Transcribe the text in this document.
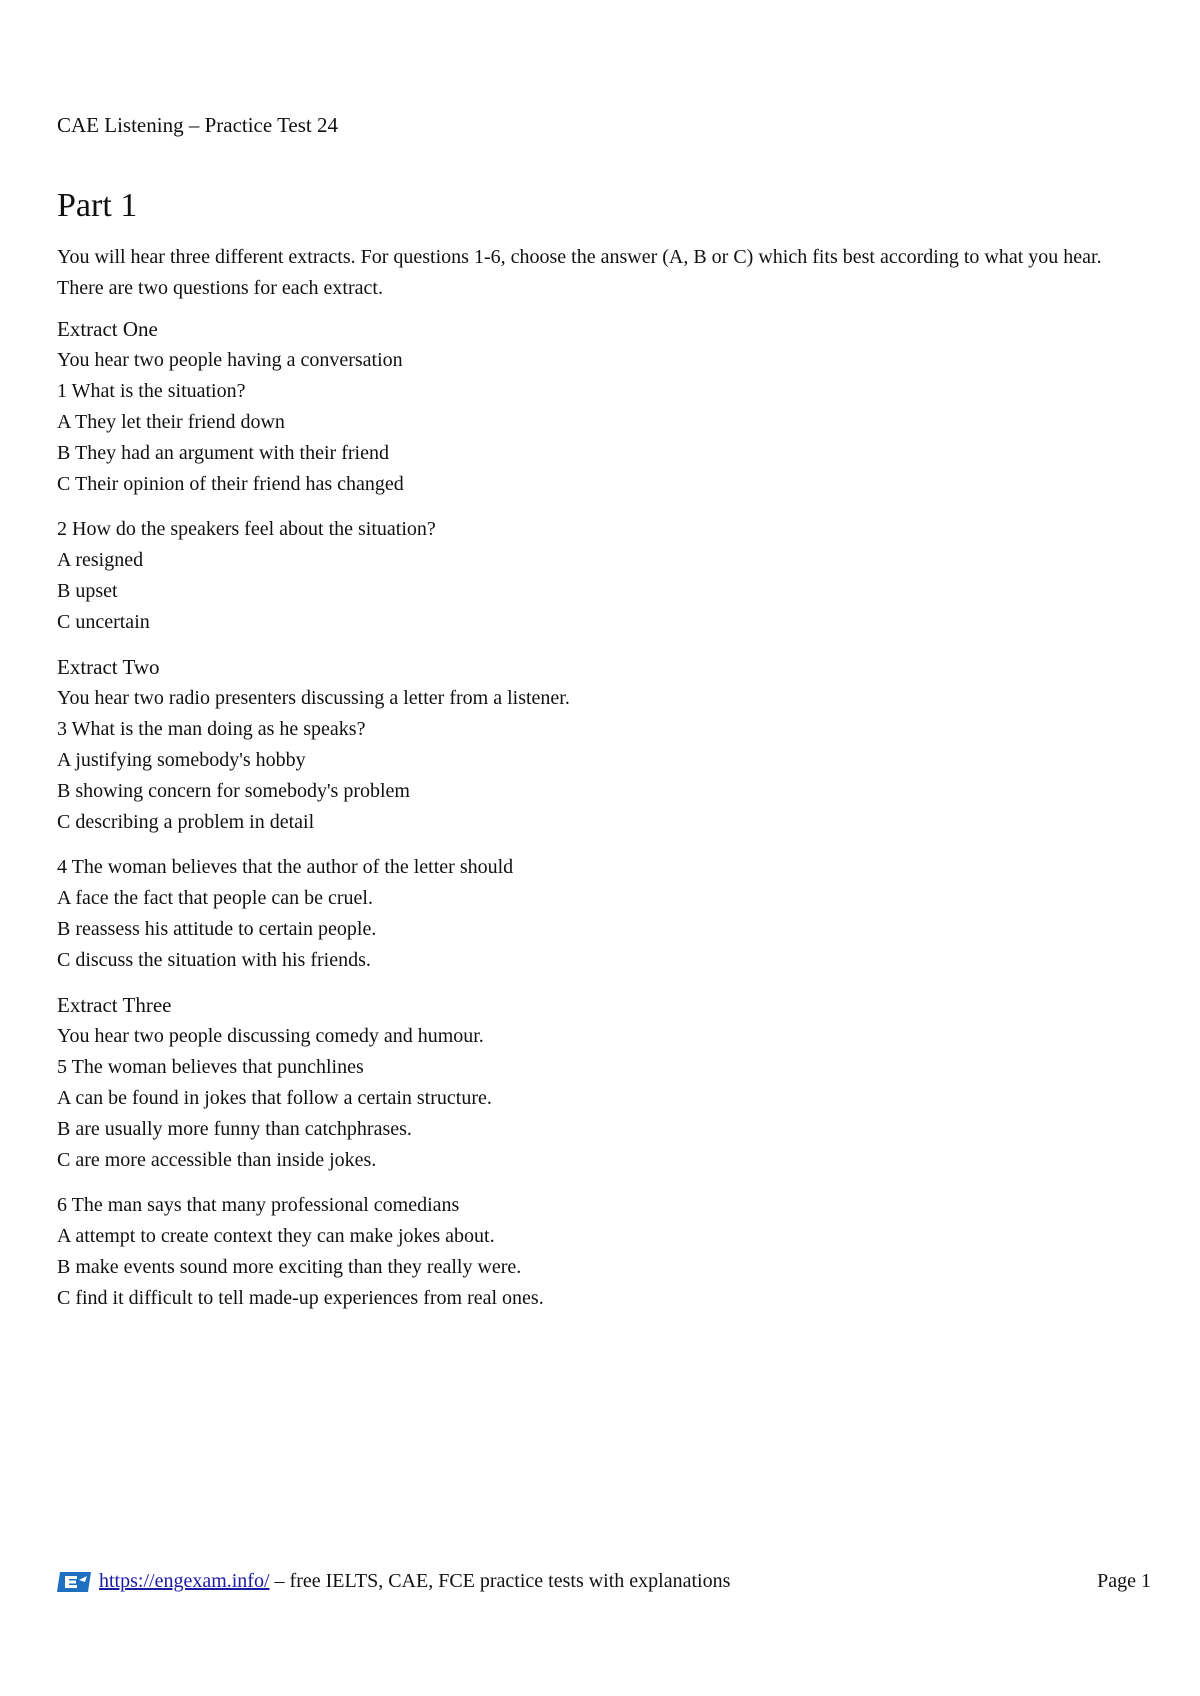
CAE Listening – Practice Test 24
Part 1
You will hear three different extracts. For questions 1-6, choose the answer (A, B or C) which fits best according to what you hear. There are two questions for each extract.
Extract One
You hear two people having a conversation
1 What is the situation?
A They let their friend down
B They had an argument with their friend
C Their opinion of their friend has changed
2 How do the speakers feel about the situation?
A resigned
B upset
C uncertain
Extract Two
You hear two radio presenters discussing a letter from a listener.
3 What is the man doing as he speaks?
A justifying somebody's hobby
B showing concern for somebody's problem
C describing a problem in detail
4 The woman believes that the author of the letter should
A face the fact that people can be cruel.
B reassess his attitude to certain people.
C discuss the situation with his friends.
Extract Three
You hear two people discussing comedy and humour.
5 The woman believes that punchlines
A can be found in jokes that follow a certain structure.
B are usually more funny than catchphrases.
C are more accessible than inside jokes.
6 The man says that many professional comedians
A attempt to create context they can make jokes about.
B make events sound more exciting than they really were.
C find it difficult to tell made-up experiences from real ones.
https://engexam.info/ – free IELTS, CAE, FCE practice tests with explanations	Page 1
